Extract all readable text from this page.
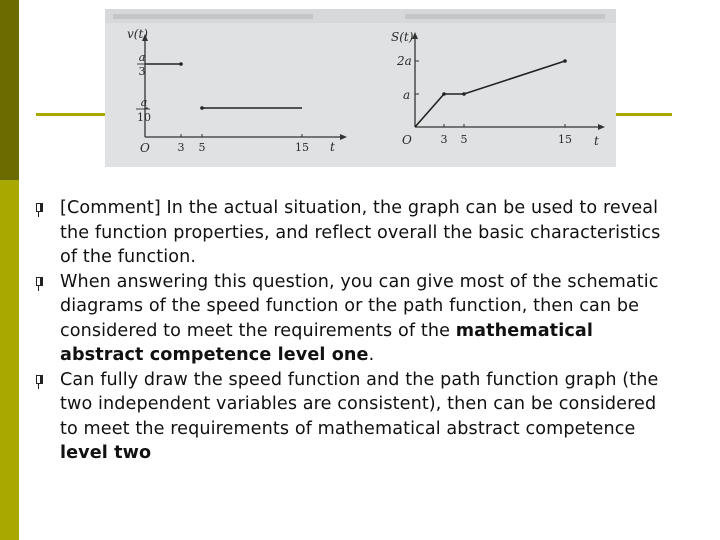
v(t)
a
3
a
10
O	3 5	15 t
S(t)
2a
a
O	3 5	15 t
[Comment] In the actual situation, the graph can be used to reveal the function properties, and reflect overall the basic characteristics of the function.
When answering this question, you can give most of the schematic diagrams of the speed function or the path function, then can be considered to meet the requirements of the mathematical abstract competence level one.
Can fully draw the speed function and the path function graph (the two independent variables are consistent), then can be considered to meet the requirements of mathematical abstract competence level two
